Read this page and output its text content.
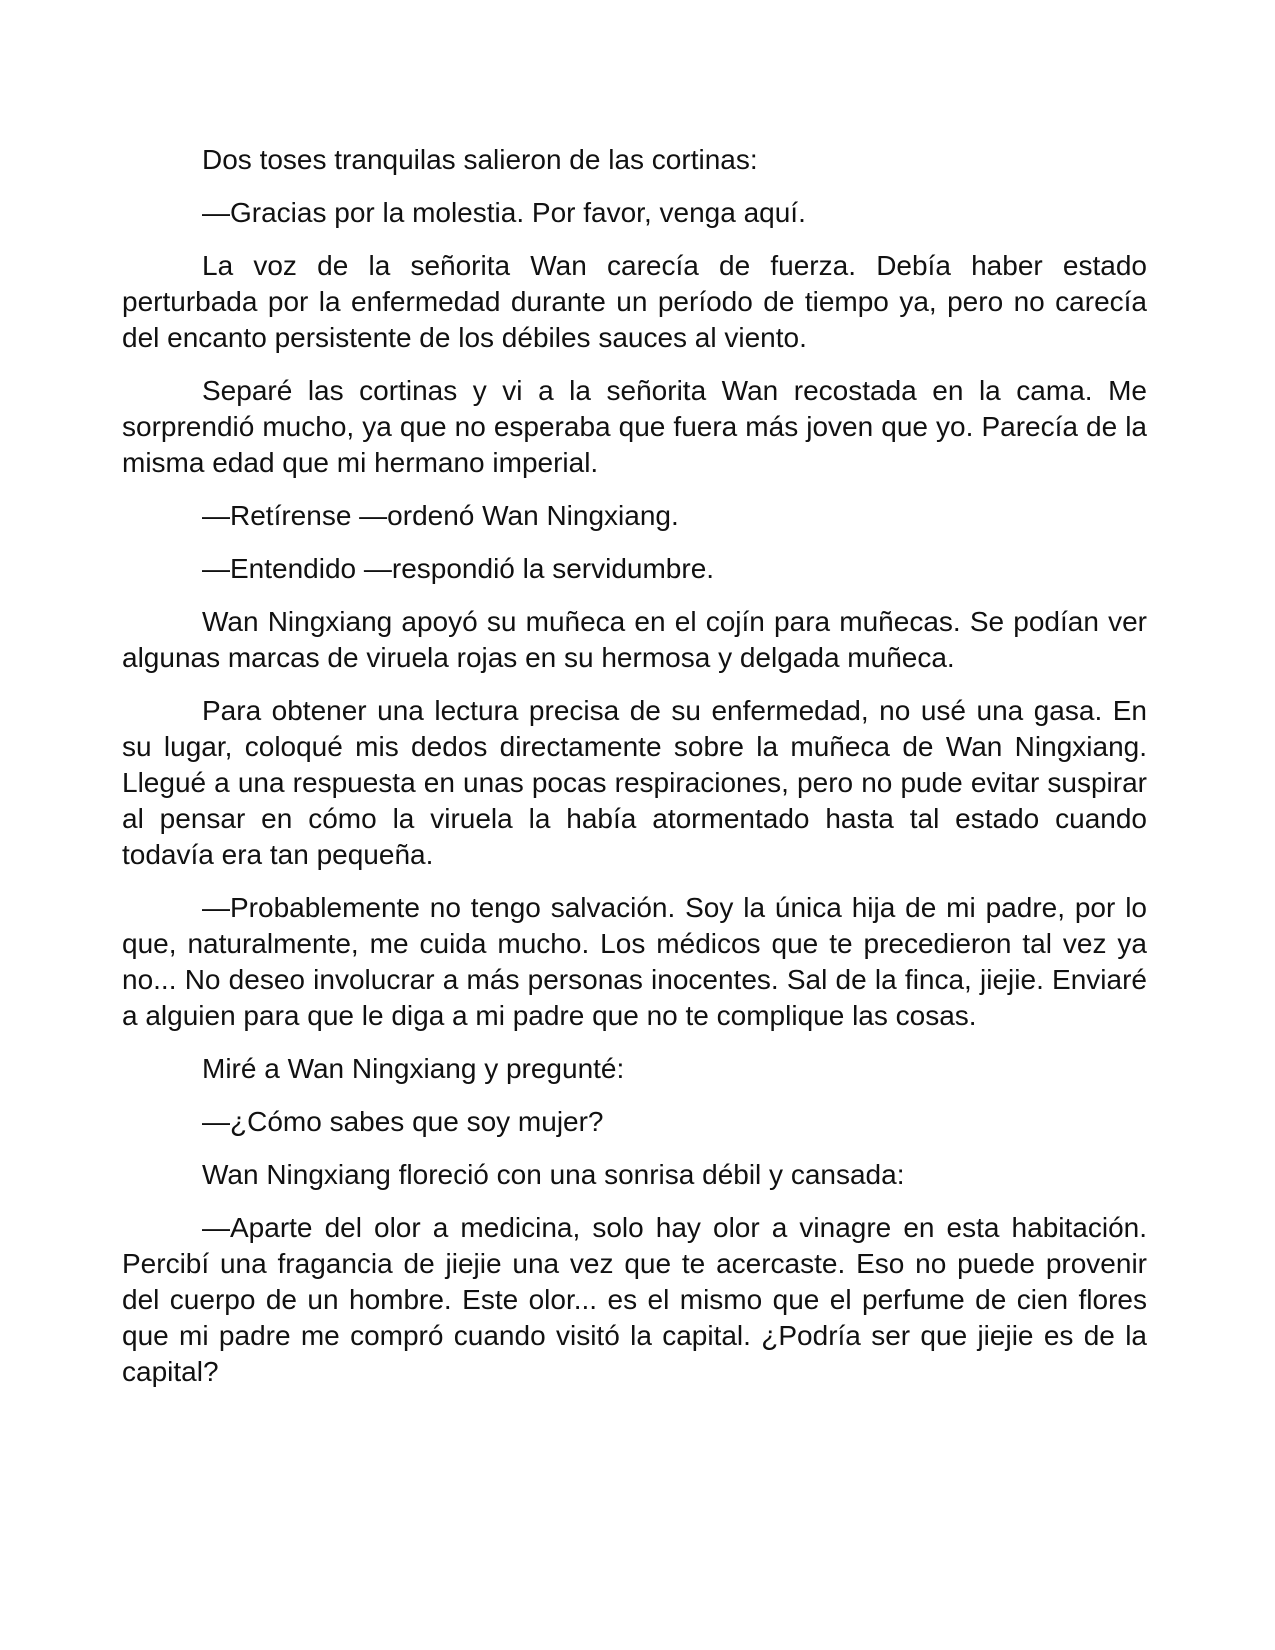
Dos toses tranquilas salieron de las cortinas:

—Gracias por la molestia. Por favor, venga aquí.

La voz de la señorita Wan carecía de fuerza. Debía haber estado perturbada por la enfermedad durante un período de tiempo ya, pero no carecía del encanto persistente de los débiles sauces al viento.

Separé las cortinas y vi a la señorita Wan recostada en la cama. Me sorprendió mucho, ya que no esperaba que fuera más joven que yo. Parecía de la misma edad que mi hermano imperial.

—Retírense —ordenó Wan Ningxiang.

—Entendido —respondió la servidumbre.

Wan Ningxiang apoyó su muñeca en el cojín para muñecas. Se podían ver algunas marcas de viruela rojas en su hermosa y delgada muñeca.

Para obtener una lectura precisa de su enfermedad, no usé una gasa. En su lugar, coloqué mis dedos directamente sobre la muñeca de Wan Ningxiang. Llegué a una respuesta en unas pocas respiraciones, pero no pude evitar suspirar al pensar en cómo la viruela la había atormentado hasta tal estado cuando todavía era tan pequeña.

—Probablemente no tengo salvación. Soy la única hija de mi padre, por lo que, naturalmente, me cuida mucho. Los médicos que te precedieron tal vez ya no... No deseo involucrar a más personas inocentes. Sal de la finca, jiejie. Enviaré a alguien para que le diga a mi padre que no te complique las cosas.

Miré a Wan Ningxiang y pregunté:

—¿Cómo sabes que soy mujer?

Wan Ningxiang floreció con una sonrisa débil y cansada:

—Aparte del olor a medicina, solo hay olor a vinagre en esta habitación. Percibí una fragancia de jiejie una vez que te acercaste. Eso no puede provenir del cuerpo de un hombre. Este olor... es el mismo que el perfume de cien flores que mi padre me compró cuando visitó la capital. ¿Podría ser que jiejie es de la capital?
